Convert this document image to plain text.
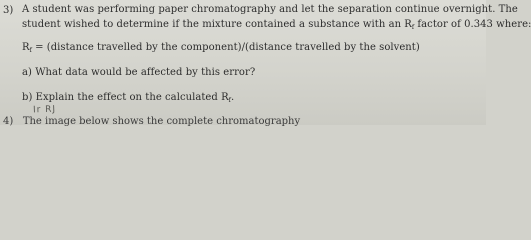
3) A student was performing paper chromatography and let the separation continue overnight. The
student wished to determine if the mixture contained a substance with an $R_f$ factor of 0.343 where:
$R_f$ = (distance travelled by the component)/(distance travelled by the solvent)
a) What data would be affected by this error?
b) Explain the effect on the calculated $R_f$.
Ir RJ
4) The image below shows the complete chromatography
